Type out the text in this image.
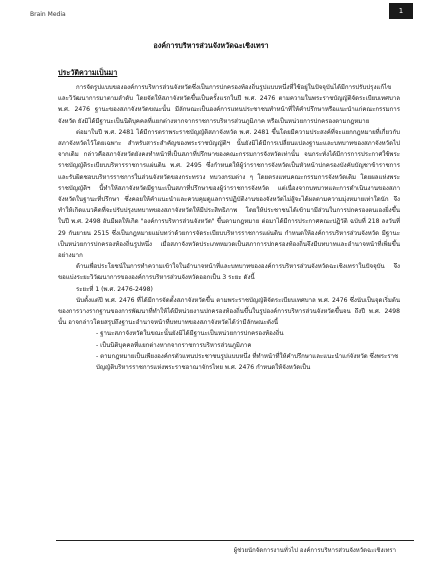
Brain Media	1
องค์การบริหารส่วนจังหวัดฉะเชิงเทรา
ประวัติความเป็นมา

การจัดรูปแบบขององค์การบริหารส่วนจังหวัดซึ่งเป็นการปกครองท้องถิ่นรูปแบบหนึ่งที่ใช้อยู่ในปัจจุบันได้มีการปรับปรุงแก้ไขและวิวัฒนาการมาตามลำดับ โดยจัดให้สภาจังหวัดขึ้นเป็นครั้งแรกในปี พ.ศ. 2476 ตามความในพระราชบัญญัติจัดระเบียบเทศบาล พ.ศ. 2476 ฐานะของสภาจังหวัดขณะนั้น มีลักษณะเป็นองค์การแทนประชาชนทำหน้าที่ให้คำปรึกษาหรือแนะนำแก่คณะกรรมการจังหวัด ยังมิได้มีฐานะเป็นนิติบุคคลที่แยกต่างหากจากราชการบริหารส่วนภูมิภาค หรือเป็นหน่วยการปกครองตามกฎหมาย

ต่อมาในปี พ.ศ. 2481 ได้มีการตราพระราชบัญญัติสภาจังหวัด พ.ศ. 2481 ขึ้นโดยมีความประสงค์ที่จะแยกกฎหมายที่เกี่ยวกับสภาจังหวัดไว้โดยเฉพาะ สำหรับสาระสำคัญของพระราชบัญญัติฯ นั้นยังมิได้มีการเปลี่ยนแปลงฐานะและบทบาทของสภาจังหวัดไปจากเดิม กล่าวคือสภาจังหวัดยังคงทำหน้าที่เป็นสภาที่ปรึกษาของคณะกรรมการจังหวัดเท่านั้น จนกระทั่งได้มีการการประกาศใช้พระราชบัญญัติระเบียบบริหารราชการแผ่นดิน พ.ศ. 2495 ซึ่งกำหนดให้ผู้ว่าราชการจังหวัดเป็นหัวหน้าปกครองบังคับบัญชาข้าราชการและรับผิดชอบบริหารราชการในส่วนจังหวัดของกระทรวง ทบวงกรมต่าง ๆ โดยตรงแทนคณะกรรมการจังหวัดเดิม โดยผลแห่งพระราชบัญญัติฯ นี้ทำให้สภาจังหวัดมีฐานะเป็นสภาที่ปรึกษาของผู้ว่าราชการจังหวัด แต่เนื่องจากบทบาทและการดำเนินงานของสภาจังหวัดในฐานะที่ปรึกษา ซึ่งคอยให้คำแนะนำและควบคุมดูแลการปฏิบัติงานของจังหวัดไม่สู้จะได้ผลตามความมุ่งหมายเท่าใดนัก จึงทำให้เกิดแนวคิดที่จะปรับปรุงบทบาทของสภาจังหวัดให้มีประสิทธิภาพ โดยให้ประชาชนได้เข้ามามีส่วนในการปกครองตนเองยิ่งขึ้น ในปี พ.ศ. 2498 อันมีผลให้เกิด "องค์การบริหารส่วนจังหวัด" ขึ้นตามกฎหมาย ต่อมาได้มีการประกาศคณะปฏิวัติ ฉบับที่ 218 ลงวันที่ 29 กันยายน 2515 ซึ่งเป็นกฎหมายแม่บทว่าด้วยการจัดระเบียบบริหารราชการแผ่นดิน กำหนดให้องค์การบริหารส่วนจังหวัด มีฐานะเป็นหน่วยการปกครองท้องถิ่นรูปหนึ่ง เมื่อสภาจังหวัดประเภทหมวดเป็นสภาการปกครองท้องถิ่นจึงมีบทบาทและอำนาจหน้าที่เพิ่มขึ้นอย่างมาก

ด้านเพื่อประโยชน์ในการทำความเข้าใจในอำนาจหน้าที่และบทบาทขององค์การบริหารส่วนจังหวัดฉะเชิงเทราในปัจจุบัน จึงขอแบ่งระยะวิวัฒนาการขององค์การบริหารส่วนจังหวัดออกเป็น 3 ระยะ ดังนี้

ระยะที่ 1 (พ.ศ. 2476-2498)

นับตั้งแต่ปี พ.ศ. 2476 ที่ได้มีการจัดตั้งสภาจังหวัดขึ้น ตามพระราชบัญญัติจัดระเบียบเทศบาล พ.ศ. 2476 ซึ่งนับเป็นจุดเริ่มต้นของการวางรากฐานของการพัฒนาที่ทำให้ได้มีหน่วยงานปกครองท้องถิ่นขึ้นในรูปองค์การบริหารส่วนจังหวัดขึ้นจน ถึงปี พ.ศ. 2498 นั้น อาจกล่าวโดยสรุปถึงฐานะอำนาจหน้าที่บทบาทของสภาจังหวัดได้ว่ามีลักษณะดังนี้

- ฐานะสภาจังหวัดในขณะนั้นยังมิได้มีฐานะเป็นหน่วยการปกครองท้องถิ่น

- เป็นนิติบุคคลที่แยกต่างหากจากราชการบริหารส่วนภูมิภาค

- ตามกฎหมายเป็นเพียงองค์กรตัวแทนประชาชนรูปแบบหนึ่ง ที่ทำหน้าที่ให้คำปรึกษาและแนะนำแก่จังหวัด ซึ่งพระราชบัญญัติบริหารราชการแห่งพระราชอาณาจักรไทย พ.ศ. 2476 กำหนดให้จังหวัดเป็น

ผู้ช่วยนักจัดการงานทั่วไป องค์การบริหารส่วนจังหวัดฉะเชิงเทรา
